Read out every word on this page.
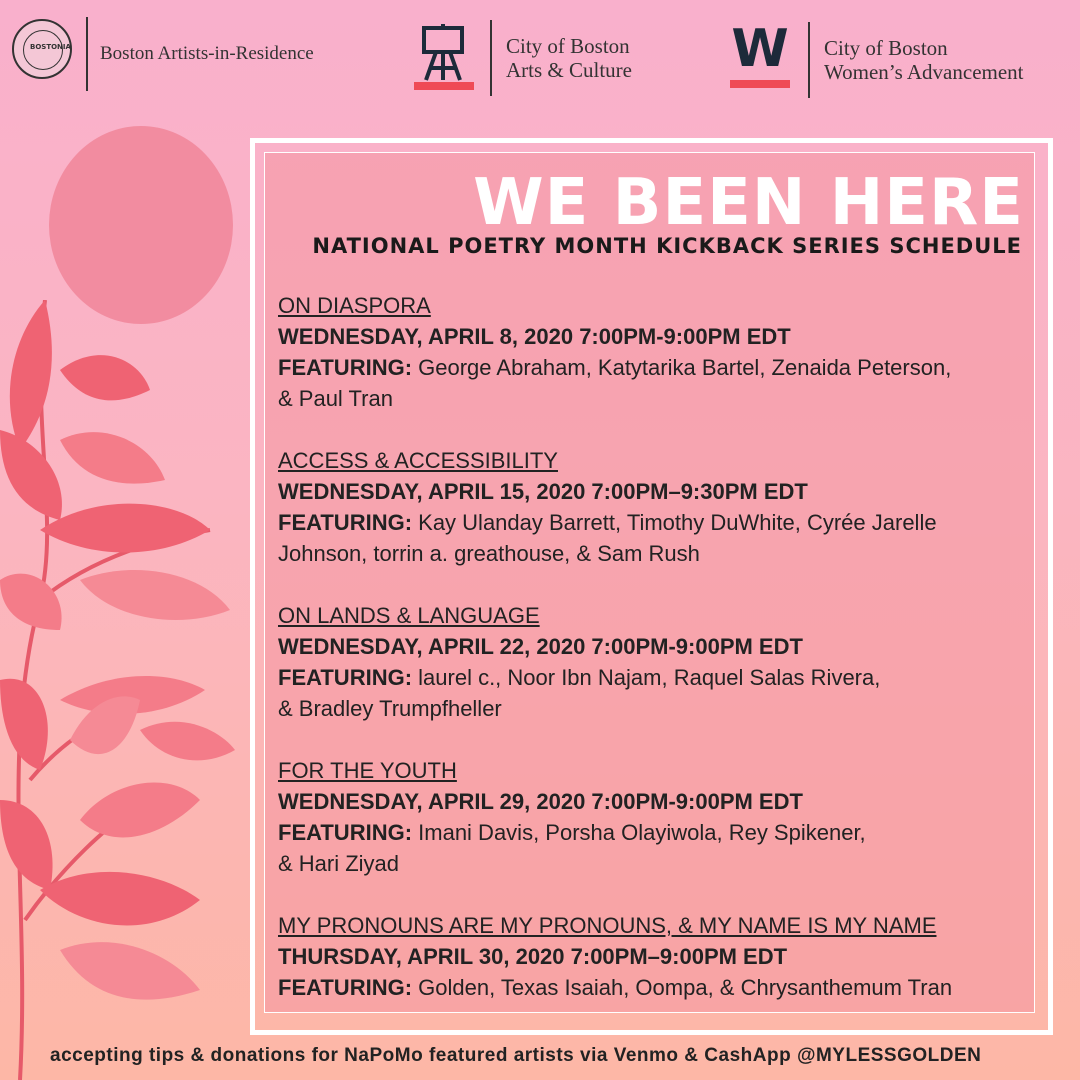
BOSTONIA Boston Artists-in-Residence	City of Boston
Arts & Culture W City of Boston
Women’s Advancement
WE BEEN HERE
NATIONAL POETRY MONTH KICKBACK SERIES SCHEDULE
ON DIASPORA
WEDNESDAY, APRIL 8, 2020 7:00PM-9:00PM EDT
FEATURING: George Abraham, Katytarika Bartel, Zenaida Peterson,
& Paul Tran
ACCESS & ACCESSIBILITY
WEDNESDAY, APRIL 15, 2020 7:00PM–9:30PM EDT
FEATURING: Kay Ulanday Barrett, Timothy DuWhite, Cyrée Jarelle
Johnson, torrin a. greathouse, & Sam Rush
ON LANDS & LANGUAGE
WEDNESDAY, APRIL 22, 2020 7:00PM-9:00PM EDT
FEATURING: laurel c., Noor Ibn Najam, Raquel Salas Rivera,
& Bradley Trumpfheller
FOR THE YOUTH
WEDNESDAY, APRIL 29, 2020 7:00PM-9:00PM EDT
FEATURING: Imani Davis, Porsha Olayiwola, Rey Spikener,
& Hari Ziyad
MY PRONOUNS ARE MY PRONOUNS, & MY NAME IS MY NAME
THURSDAY, APRIL 30, 2020 7:00PM–9:00PM EDT
FEATURING: Golden, Texas Isaiah, Oompa, & Chrysanthemum Tran
accepting tips & donations for NaPoMo featured artists via Venmo & CashApp @MYLESSGOLDEN
